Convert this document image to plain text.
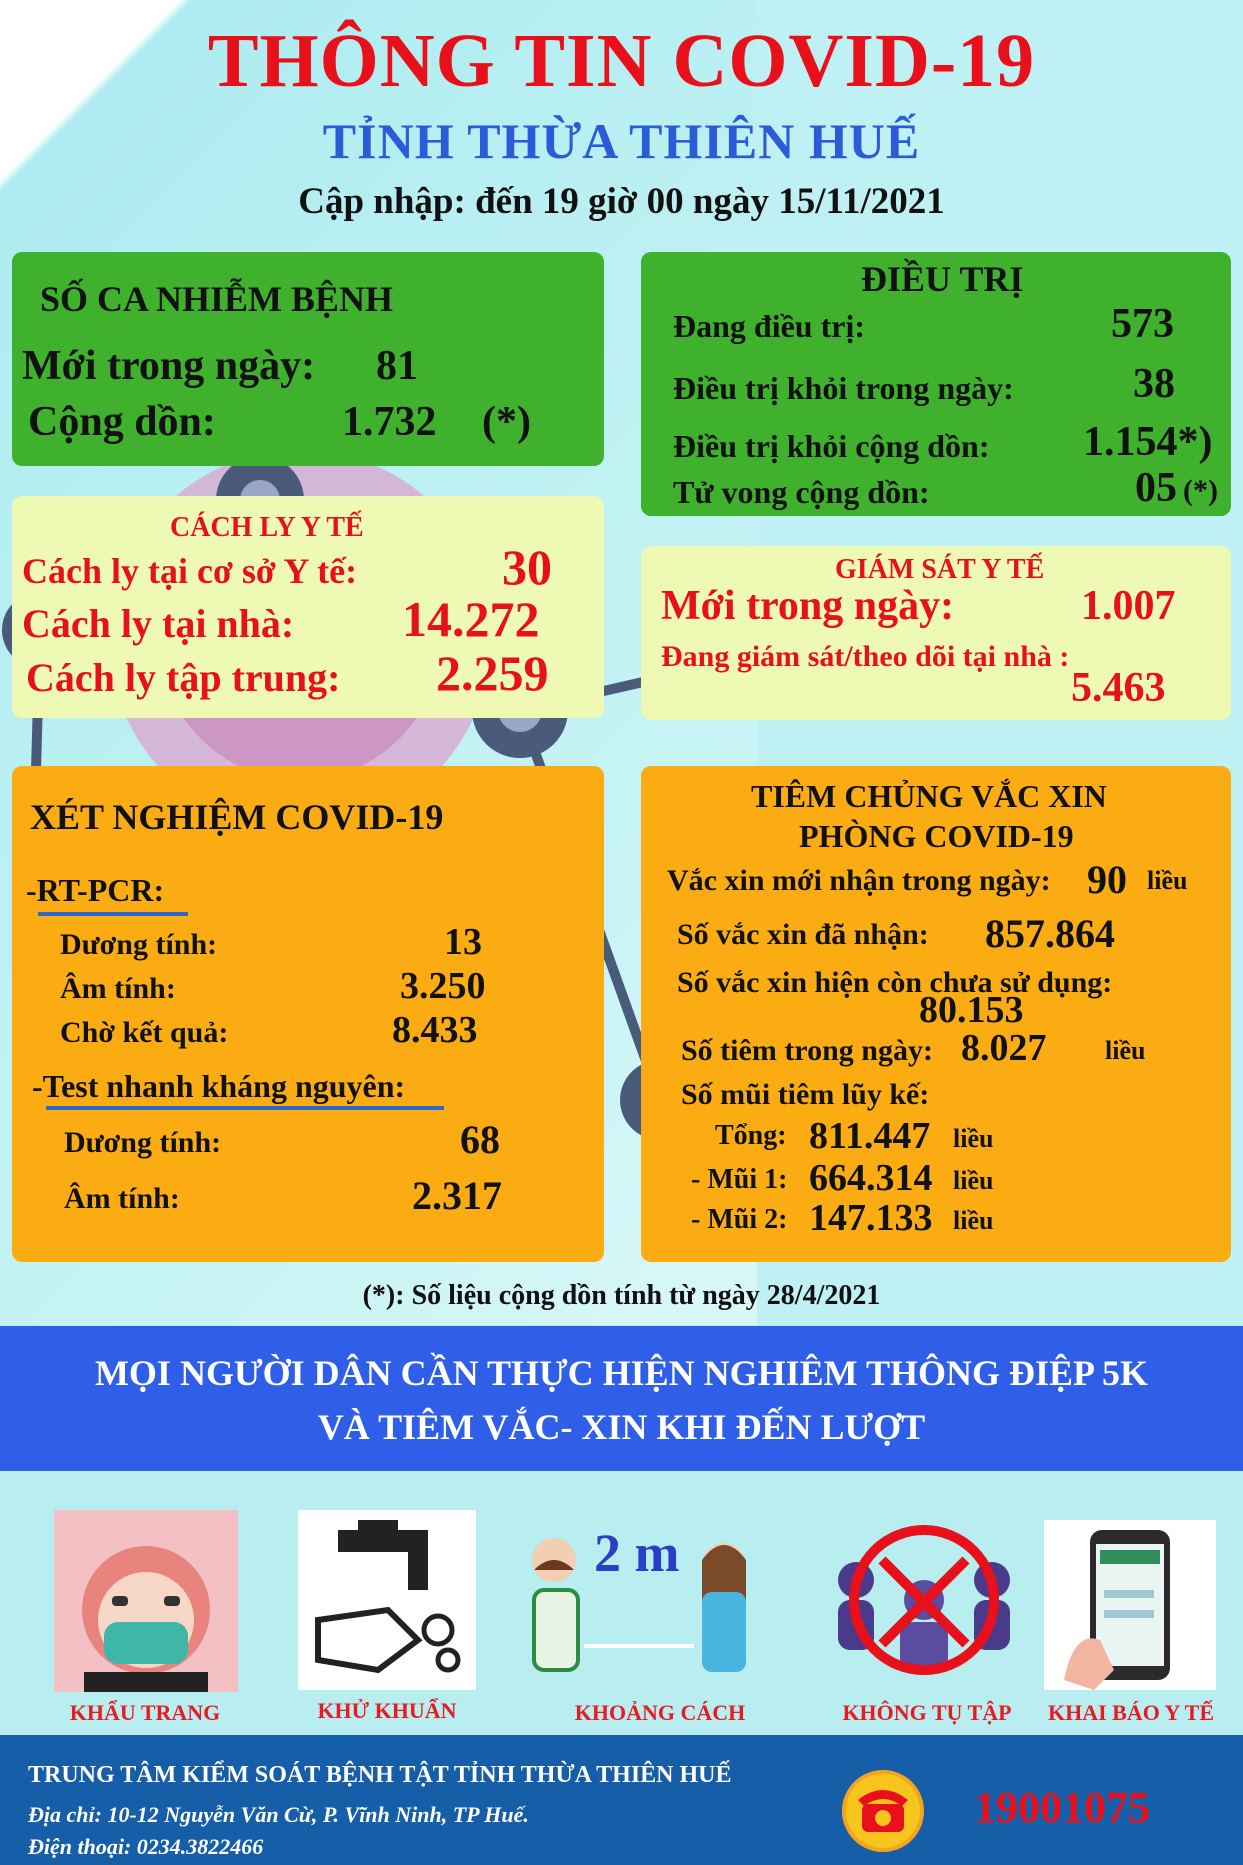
THÔNG TIN COVID-19
TỈNH THỪA THIÊN HUẾ
Cập nhập: đến 19 giờ 00 ngày 15/11/2021
SỐ CA NHIỄM BỆNH
Mới trong ngày: 81
Cộng dồn:	1.732 (*)
ĐIỀU TRỊ
Đang điều trị:	573
Điều trị khỏi trong ngày:	38
Điều trị khỏi cộng dồn: 1.154*)
Tử vong cộng dồn:	05 (*)
CÁCH LY Y TẾ
Cách ly tại cơ sở Y tế:	30
Cách ly tại nhà: 14.272
Cách ly tập trung: 2.259
GIÁM SÁT Y TẾ
Mới trong ngày:	1.007
Đang giám sát/theo dõi tại nhà :
5.463
XÉT NGHIỆM COVID-19
-RT-PCR:
Dương tính:	13
Âm tính:	3.250
Chờ kết quả:	8.433
-Test nhanh kháng nguyên:
Dương tính:	68
Âm tính:	2.317
TIÊM CHỦNG VẮC XIN
PHÒNG COVID-19
Vắc xin mới nhận trong ngày: 90 liều
Số vắc xin đã nhận: 857.864
Số vắc xin hiện còn chưa sử dụng:
80.153
Số tiêm trong ngày: 8.027 liều
Số mũi tiêm lũy kế:
Tổng: 811.447 liều
- Mũi 1: 664.314 liều
- Mũi 2: 147.133 liều
(*): Số liệu cộng dồn tính từ ngày 28/4/2021
MỌI NGƯỜI DÂN CẦN THỰC HIỆN NGHIÊM THÔNG ĐIỆP 5K
VÀ TIÊM VẮC- XIN KHI ĐẾN LƯỢT
KHẨU TRANG	KHỬ KHUẨN
2 m
KHOẢNG CÁCH	KHÔNG TỤ TẬP	KHAI BÁO Y TẾ
TRUNG TÂM KIỂM SOÁT BỆNH TẬT TỈNH THỪA THIÊN HUẾ
Địa chỉ: 10-12 Nguyễn Văn Cừ, P. Vĩnh Ninh, TP Huế.
Điện thoại: 0234.3822466
19001075
